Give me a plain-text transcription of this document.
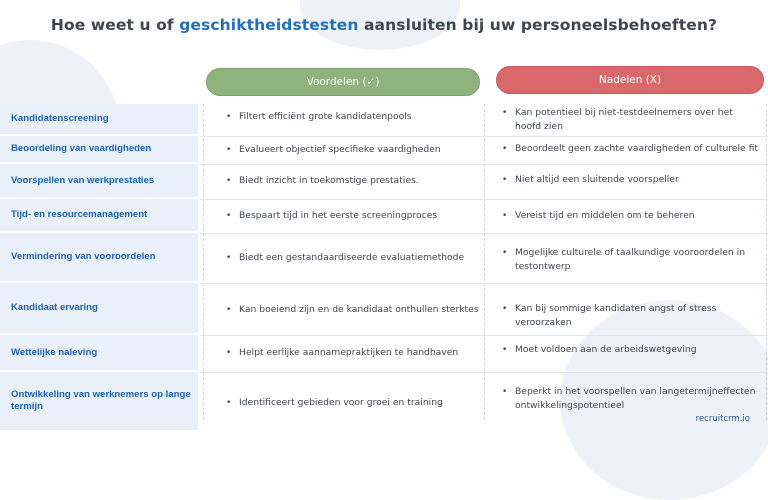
Hoe weet u of geschiktheidstesten aansluiten bij uw personeelsbehoeften?
Voordelen (✓)	Nadelen (X)
Kandidatenscreening
Beoordeling van vaardigheden
Voorspellen van werkprestaties
Tijd- en resourcemanagement
Vermindering van vooroordelen
Kandidaat ervaring
Wettelijke naleving
Ontwikkeling van werknemers op lange termijn
• Filtert efficiënt grote kandidatenpools
• Evalueert objectief specifieke vaardigheden
• Biedt inzicht in toekomstige prestaties.
• Bespaart tijd in het eerste screeningproces
• Biedt een gestandaardiseerde evaluatiemethode
• Kan boeiend zijn en de kandidaat onthullen sterktes
• Helpt eerlijke aannamepraktijken te handhaven
• Identificeert gebieden voor groei en training
• Kan potentieel bij niet-testdeelnemers over het hoofd zien
• Beoordeelt geen zachte vaardigheden of culturele fit
• Niet altijd een sluitende voorspeller
• Vereist tijd en middelen om te beheren
• Mogelijke culturele of taalkundige vooroordelen in testontwerp
• Kan bij sommige kandidaten angst of stress veroorzaken
• Moet voldoen aan de arbeidswetgeving
• Beperkt in het voorspellen van langetermijneffecten ontwikkelingspotentieel
recruitcrm.io
